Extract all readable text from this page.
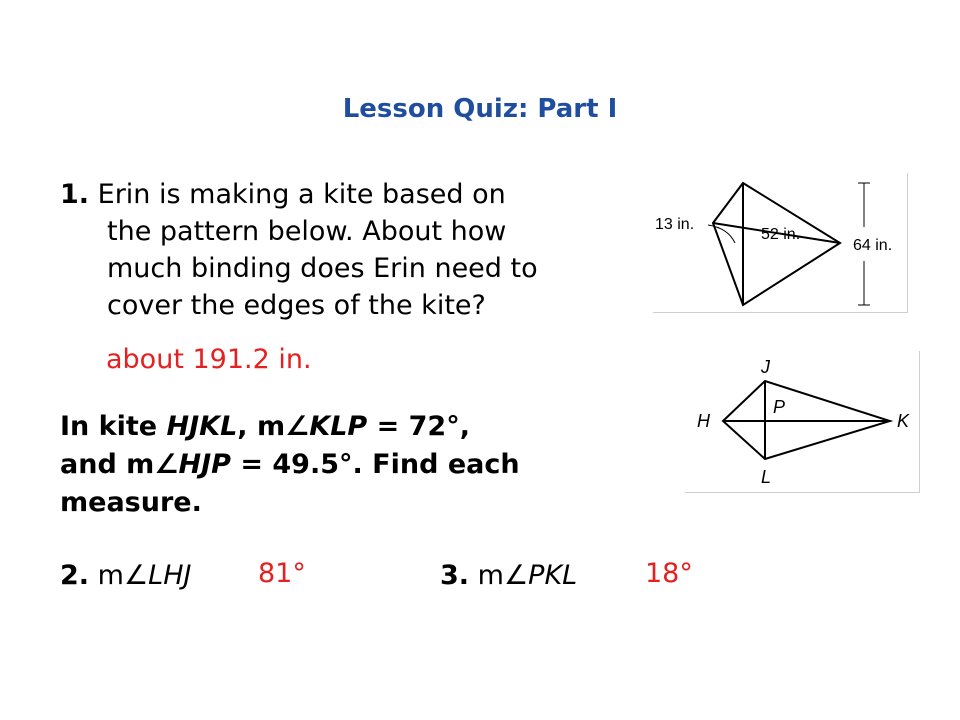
Lesson Quiz: Part I
1. Erin is making a kite based on
the pattern below. About how
much binding does Erin need to
cover the edges of the kite?
about 191.2 in.
13 in.
52 in.
64 in.
In kite HJKL, m∠KLP = 72°,
and m∠HJP = 49.5°. Find each
measure.
J
H	K
L
P
2. m∠LHJ 81°	3. m∠PKL	18°
